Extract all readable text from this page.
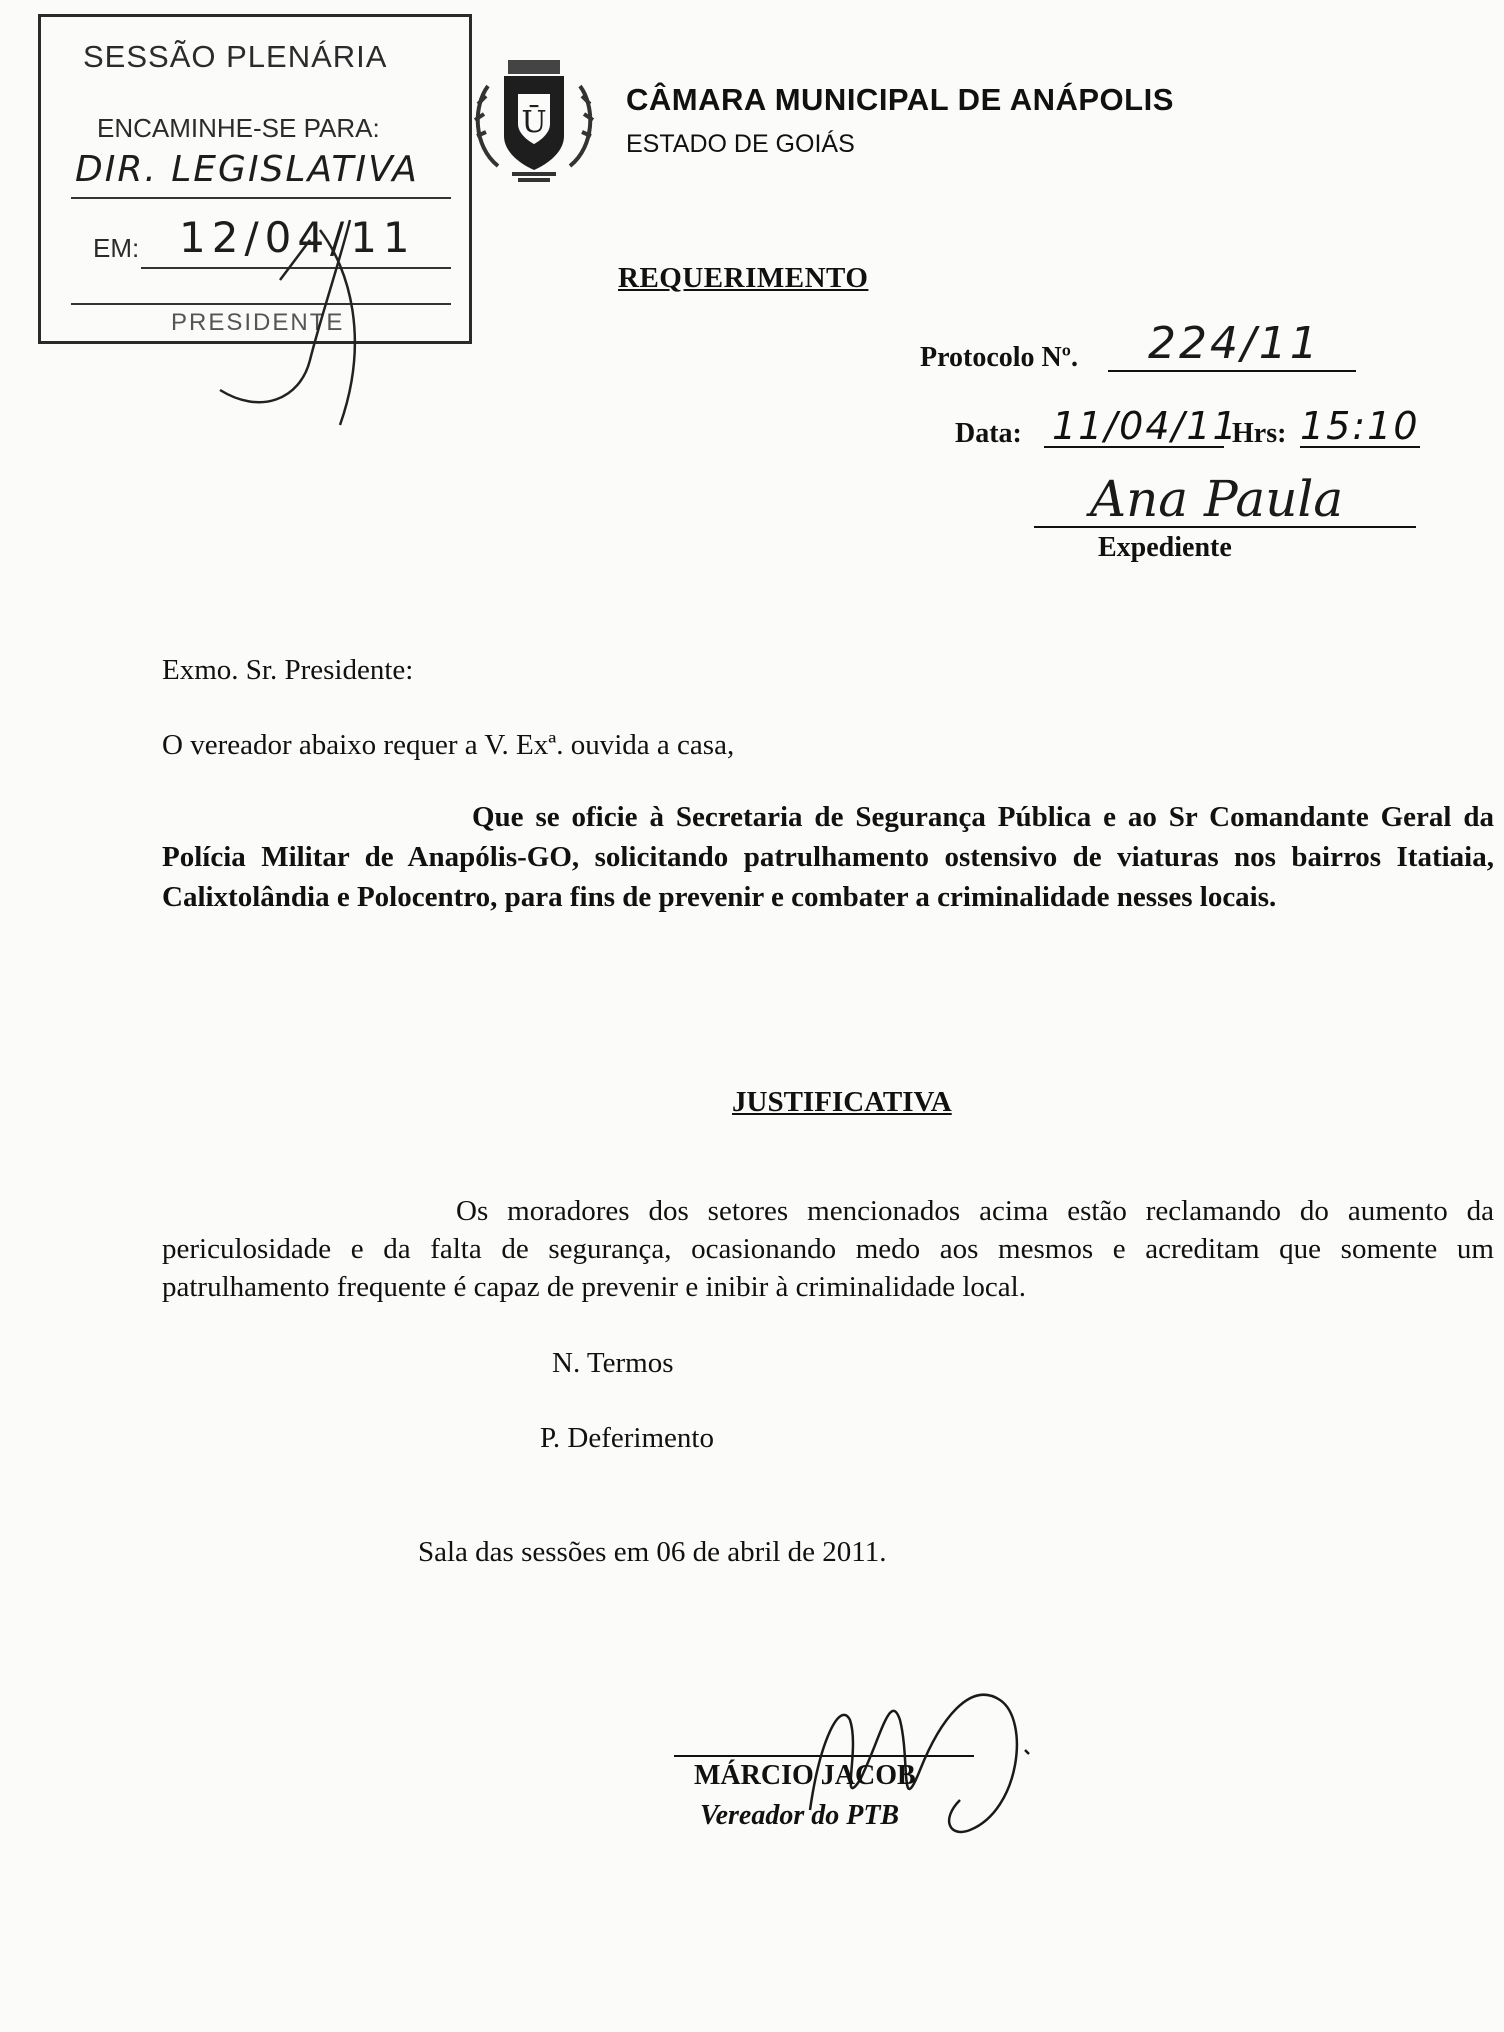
SESSÃO PLENÁRIA
ENCAMINHE-SE PARA:
DIR. LEGISLATIVA
EM: 12/04/11
PRESIDENTE
Ū
CÂMARA MUNICIPAL DE ANÁPOLIS
ESTADO DE GOIÁS
REQUERIMENTO
Protocolo Nº. 224/11
Data: 11/04/11
Hrs: 15:10
Ana Paula
Expediente
Exmo. Sr. Presidente:
O vereador abaixo requer a V. Exª. ouvida a casa,
Que se oficie à Secretaria de Segurança Pública e ao Sr Comandante Geral da Polícia Militar de Anapólis-GO, solicitando patrulhamento ostensivo de viaturas nos bairros Itatiaia, Calixtolândia e Polocentro, para fins de prevenir e combater a criminalidade nesses locais.
JUSTIFICATIVA
Os moradores dos setores mencionados acima estão reclamando do aumento da periculosidade e da falta de segurança, ocasionando medo aos mesmos e acreditam que somente um patrulhamento frequente é capaz de prevenir e inibir à criminalidade local.
N. Termos
P. Deferimento
Sala das sessões em 06 de abril de 2011.
MÁRCIO JACOB
Vereador do PTB
